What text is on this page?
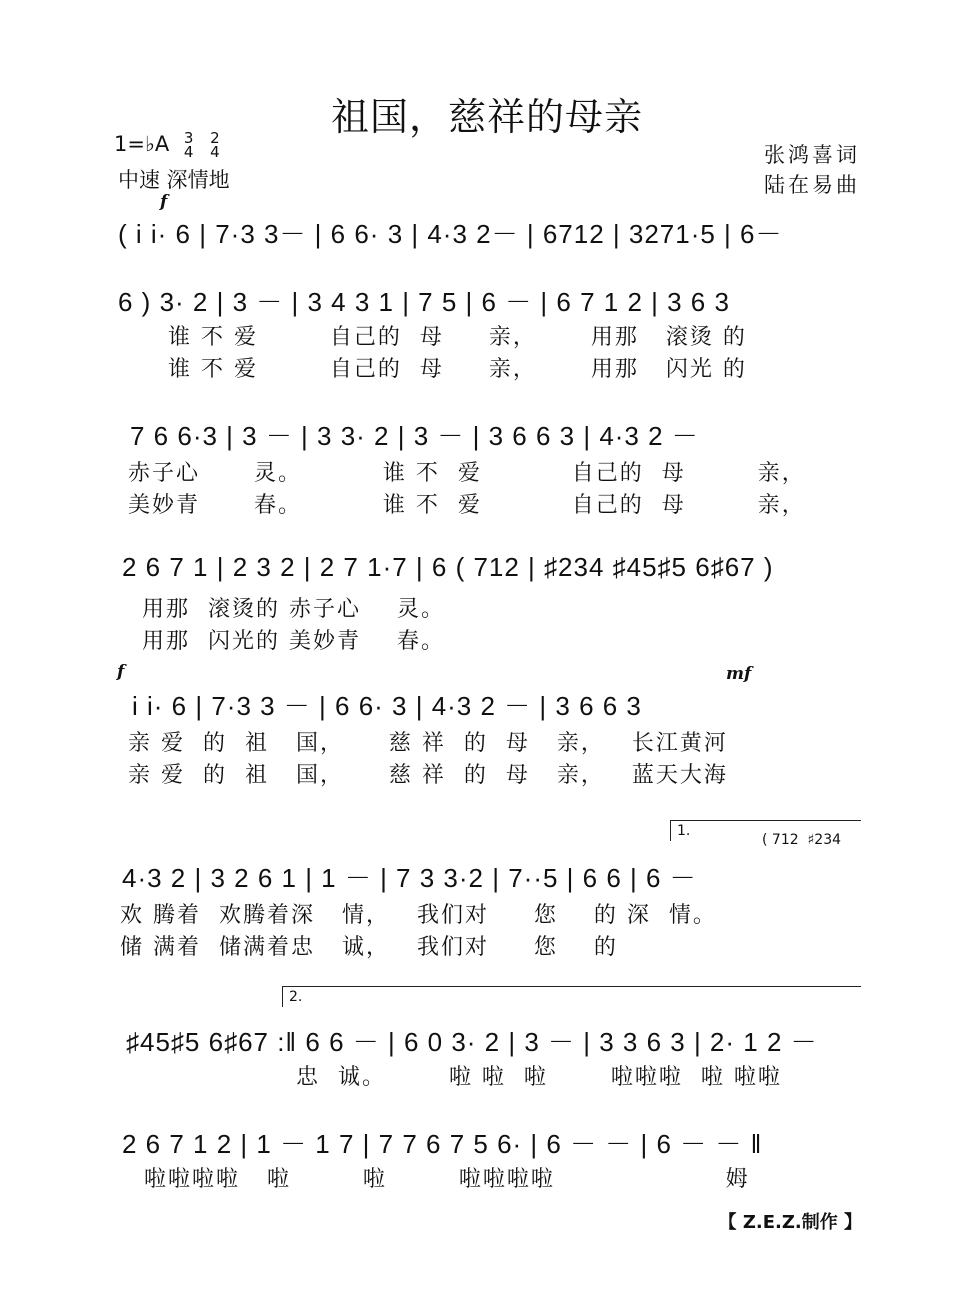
祖国，慈祥的母亲
1=♭A 3
4 2
4
中速 深情地
张鸿喜词
陆在易曲
f
( i i· 6 | 7·3 3－ | 6 6· 3 | 4·3 2－ | 6712 | 3271·5 | 6－
6 ) 3· 2 | 3 － | 3 4 3 1 | 7 5 | 6 － | 6 7 1 2 | 3 6 3
谁 不 爱        自己的  母     亲，      用那   滚烫 的
谁 不 爱        自己的  母     亲，      用那   闪光 的
7 6 6·3 | 3 － | 3 3· 2 | 3 － | 3 6 6 3 | 4·3 2 －
赤子心      灵。         谁 不  爱          自己的  母        亲，
美妙青      春。         谁 不  爱          自己的  母        亲，
2 6 7 1 | 2 3 2 | 2 7 1·7 | 6 ( 712 | ♯234 ♯45♯5 6♯67 )
用那  滚烫的 赤子心    灵。
用那  闪光的 美妙青    春。
f	mf
i i· 6 | 7·3 3 － | 6 6· 3 | 4·3 2 － | 3 6 6 3
亲 爱  的  祖   国，     慈 祥  的  母   亲，   长江黄河
亲 爱  的  祖   国，     慈 祥  的  母   亲，   蓝天大海
1.
( 712  ♯234
4·3 2 | 3 2 6 1 | 1 － | 7 3 3·2 | 7··5 | 6 6 | 6 －
欢 腾着  欢腾着深   情，   我们对     您    的 深  情。
储 满着  储满着忠   诚，   我们对     您    的
2.
♯45♯5 6♯67 :‖ 6 6 － | 6 0 3· 2 | 3 － | 3 3 6 3 | 2· 1 2 －
忠  诚。       啦 啦  啦       啦啦啦  啦 啦啦
2 6 7 1 2 | 1 － 1 7 | 7 7 6 7 5 6· | 6 － － | 6 － － ‖
啦啦啦啦   啦        啦        啦啦啦啦                   姆
【 Z.E.Z.制作 】
